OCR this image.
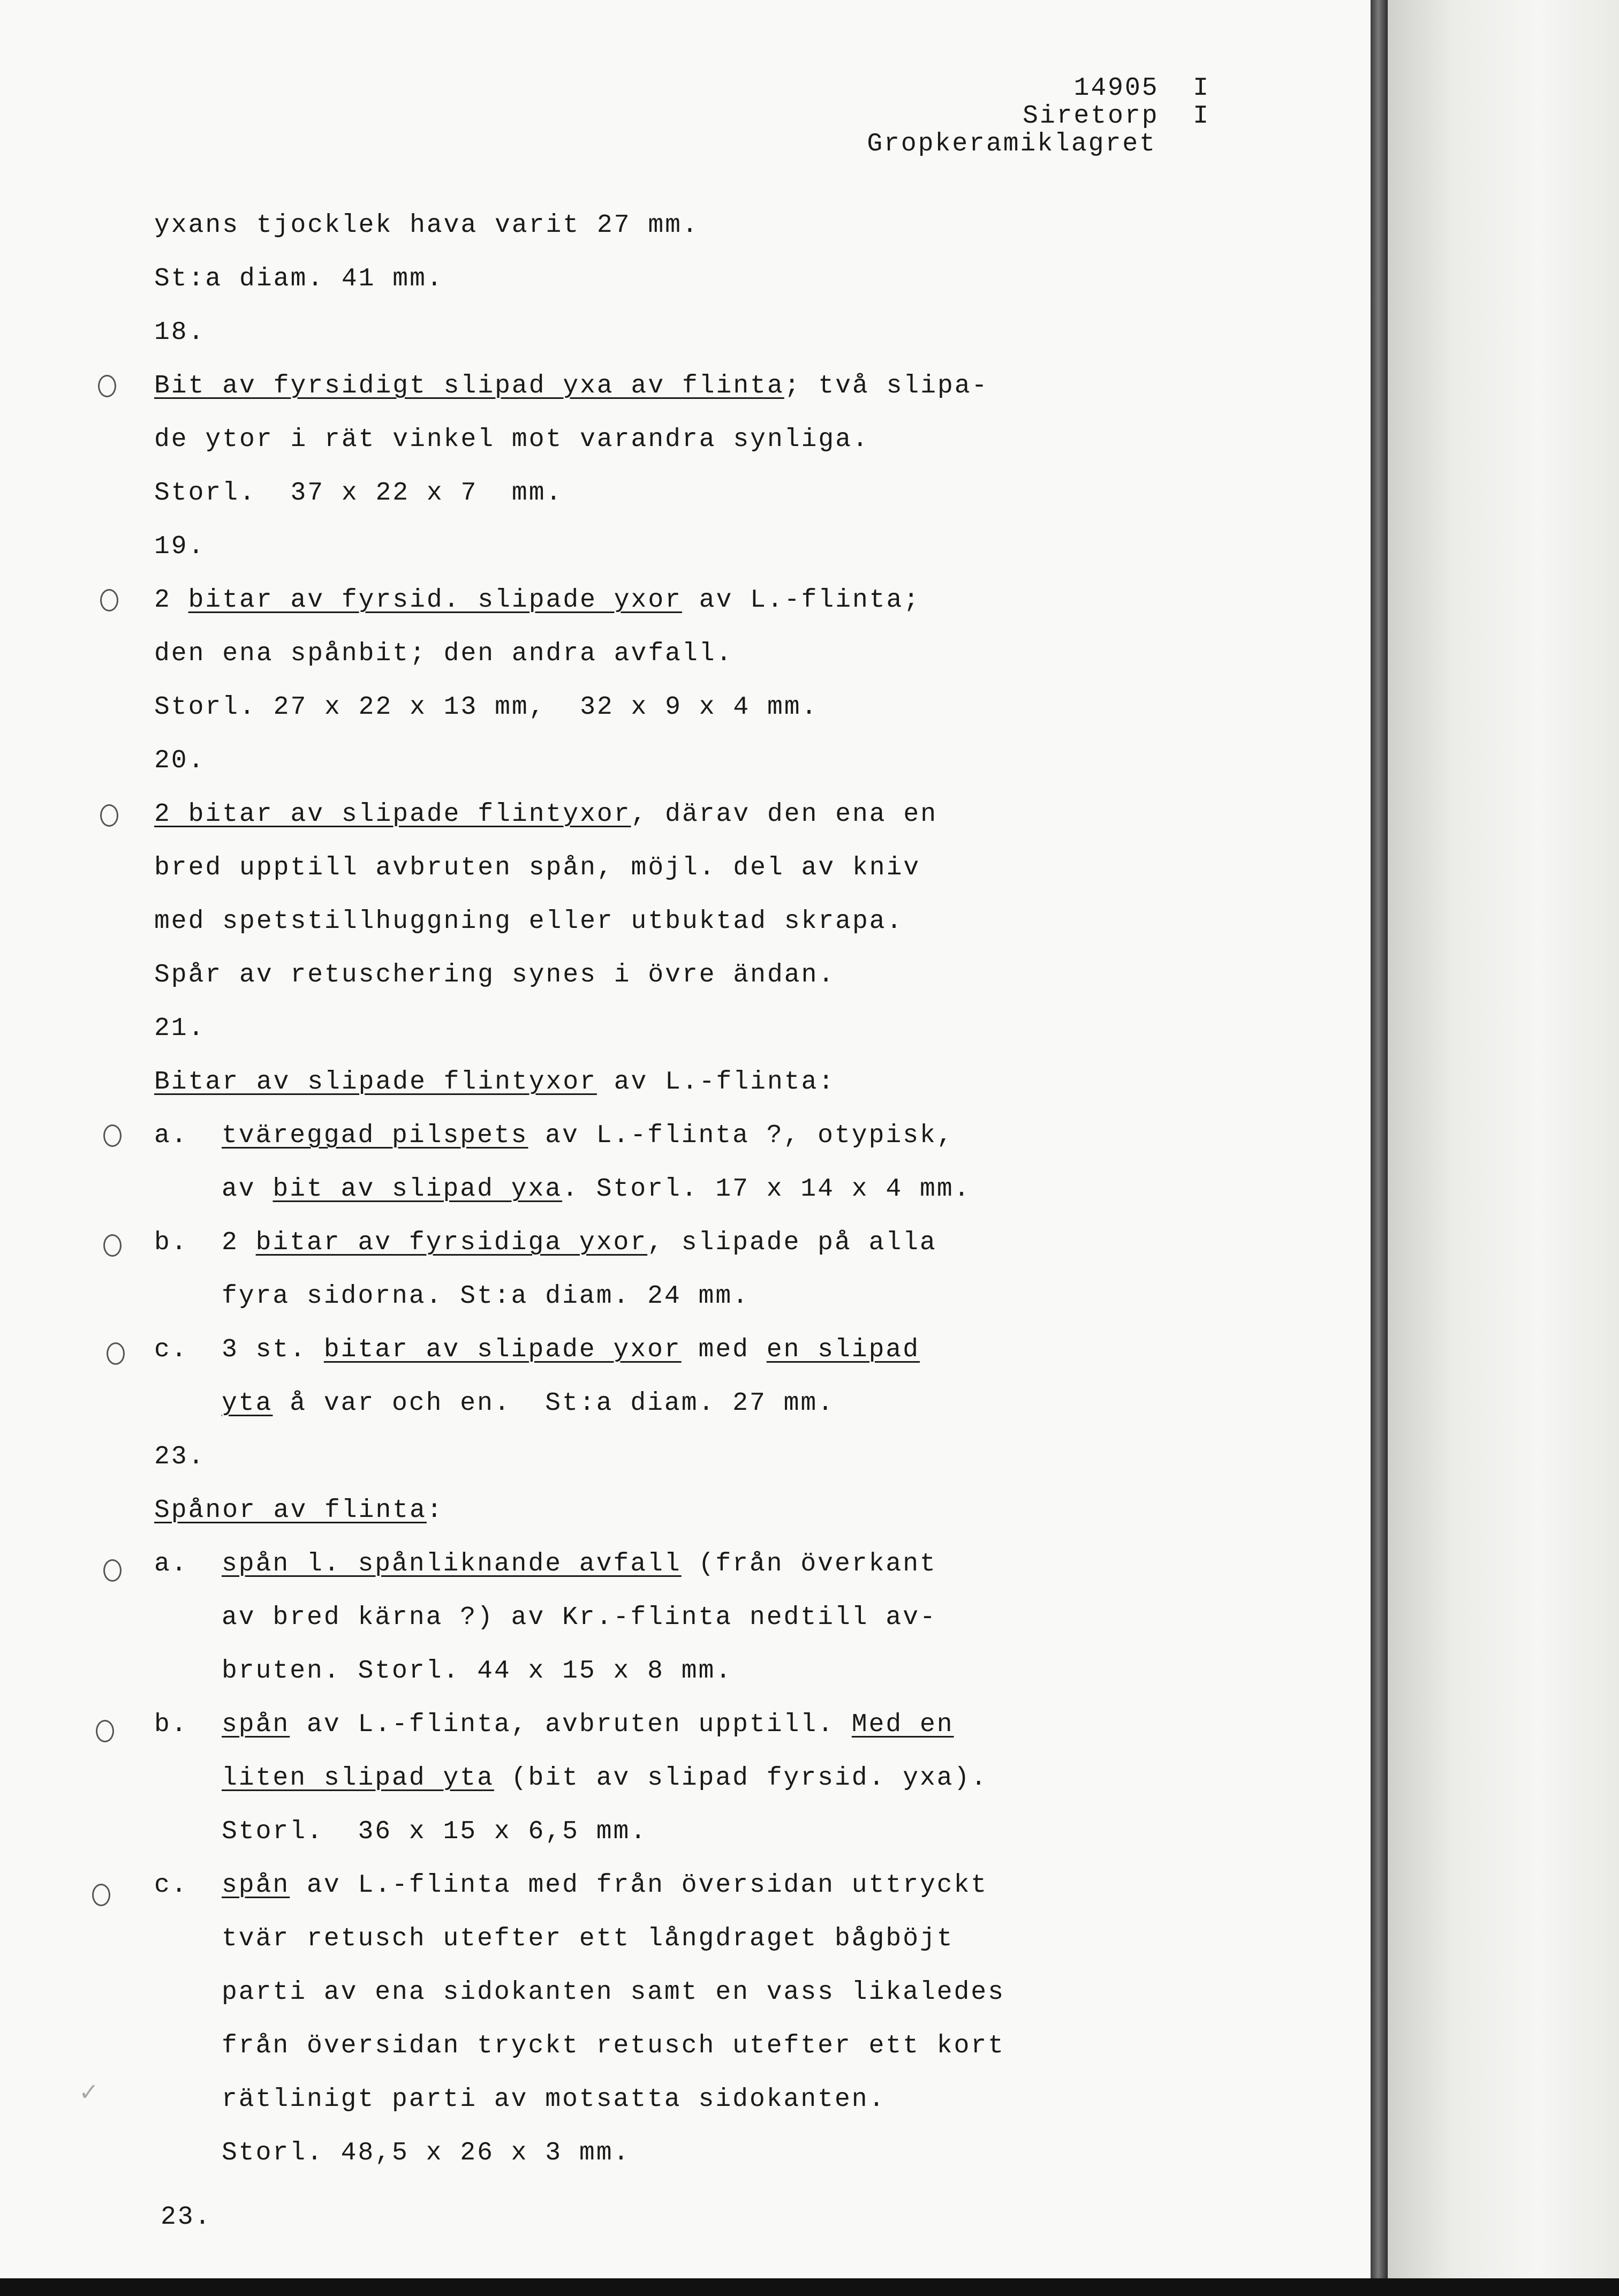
14905  I
Siretorp  I
Gropkeramiklagret
✓
yxans tjocklek hava varit 27 mm.
St:a diam. 41 mm.
18.
Bit av fyrsidigt slipad yxa av flinta; två slipa-
de ytor i rät vinkel mot varandra synliga.
Storl.  37 x 22 x 7  mm.
19.
2 bitar av fyrsid. slipade yxor av L.-flinta;
den ena spånbit; den andra avfall.
Storl. 27 x 22 x 13 mm,  32 x 9 x 4 mm.
20.
2 bitar av slipade flintyxor, därav den ena en
bred upptill avbruten spån, möjl. del av kniv
med spetstillhuggning eller utbuktad skrapa.
Spår av retuschering synes i övre ändan.
21.
Bitar av slipade flintyxor av L.-flinta:
a. tväreggad pilspets av L.-flinta ?, otypisk,
av bit av slipad yxa. Storl. 17 x 14 x 4 mm.
b. 2 bitar av fyrsidiga yxor, slipade på alla
fyra sidorna. St:a diam. 24 mm.
c. 3 st. bitar av slipade yxor med en slipad
yta å var och en.  St:a diam. 27 mm.
23.
Spånor av flinta:
a. spån l. spånliknande avfall (från överkant
av bred kärna ?) av Kr.-flinta nedtill av-
bruten. Storl. 44 x 15 x 8 mm.
b. spån av L.-flinta, avbruten upptill. Med en
liten slipad yta (bit av slipad fyrsid. yxa).
Storl.  36 x 15 x 6,5 mm.
c. spån av L.-flinta med från översidan uttryckt
tvär retusch utefter ett långdraget bågböjt
parti av ena sidokanten samt en vass likaledes
från översidan tryckt retusch utefter ett kort
rätlinigt parti av motsatta sidokanten.
Storl. 48,5 x 26 x 3 mm.
23.
